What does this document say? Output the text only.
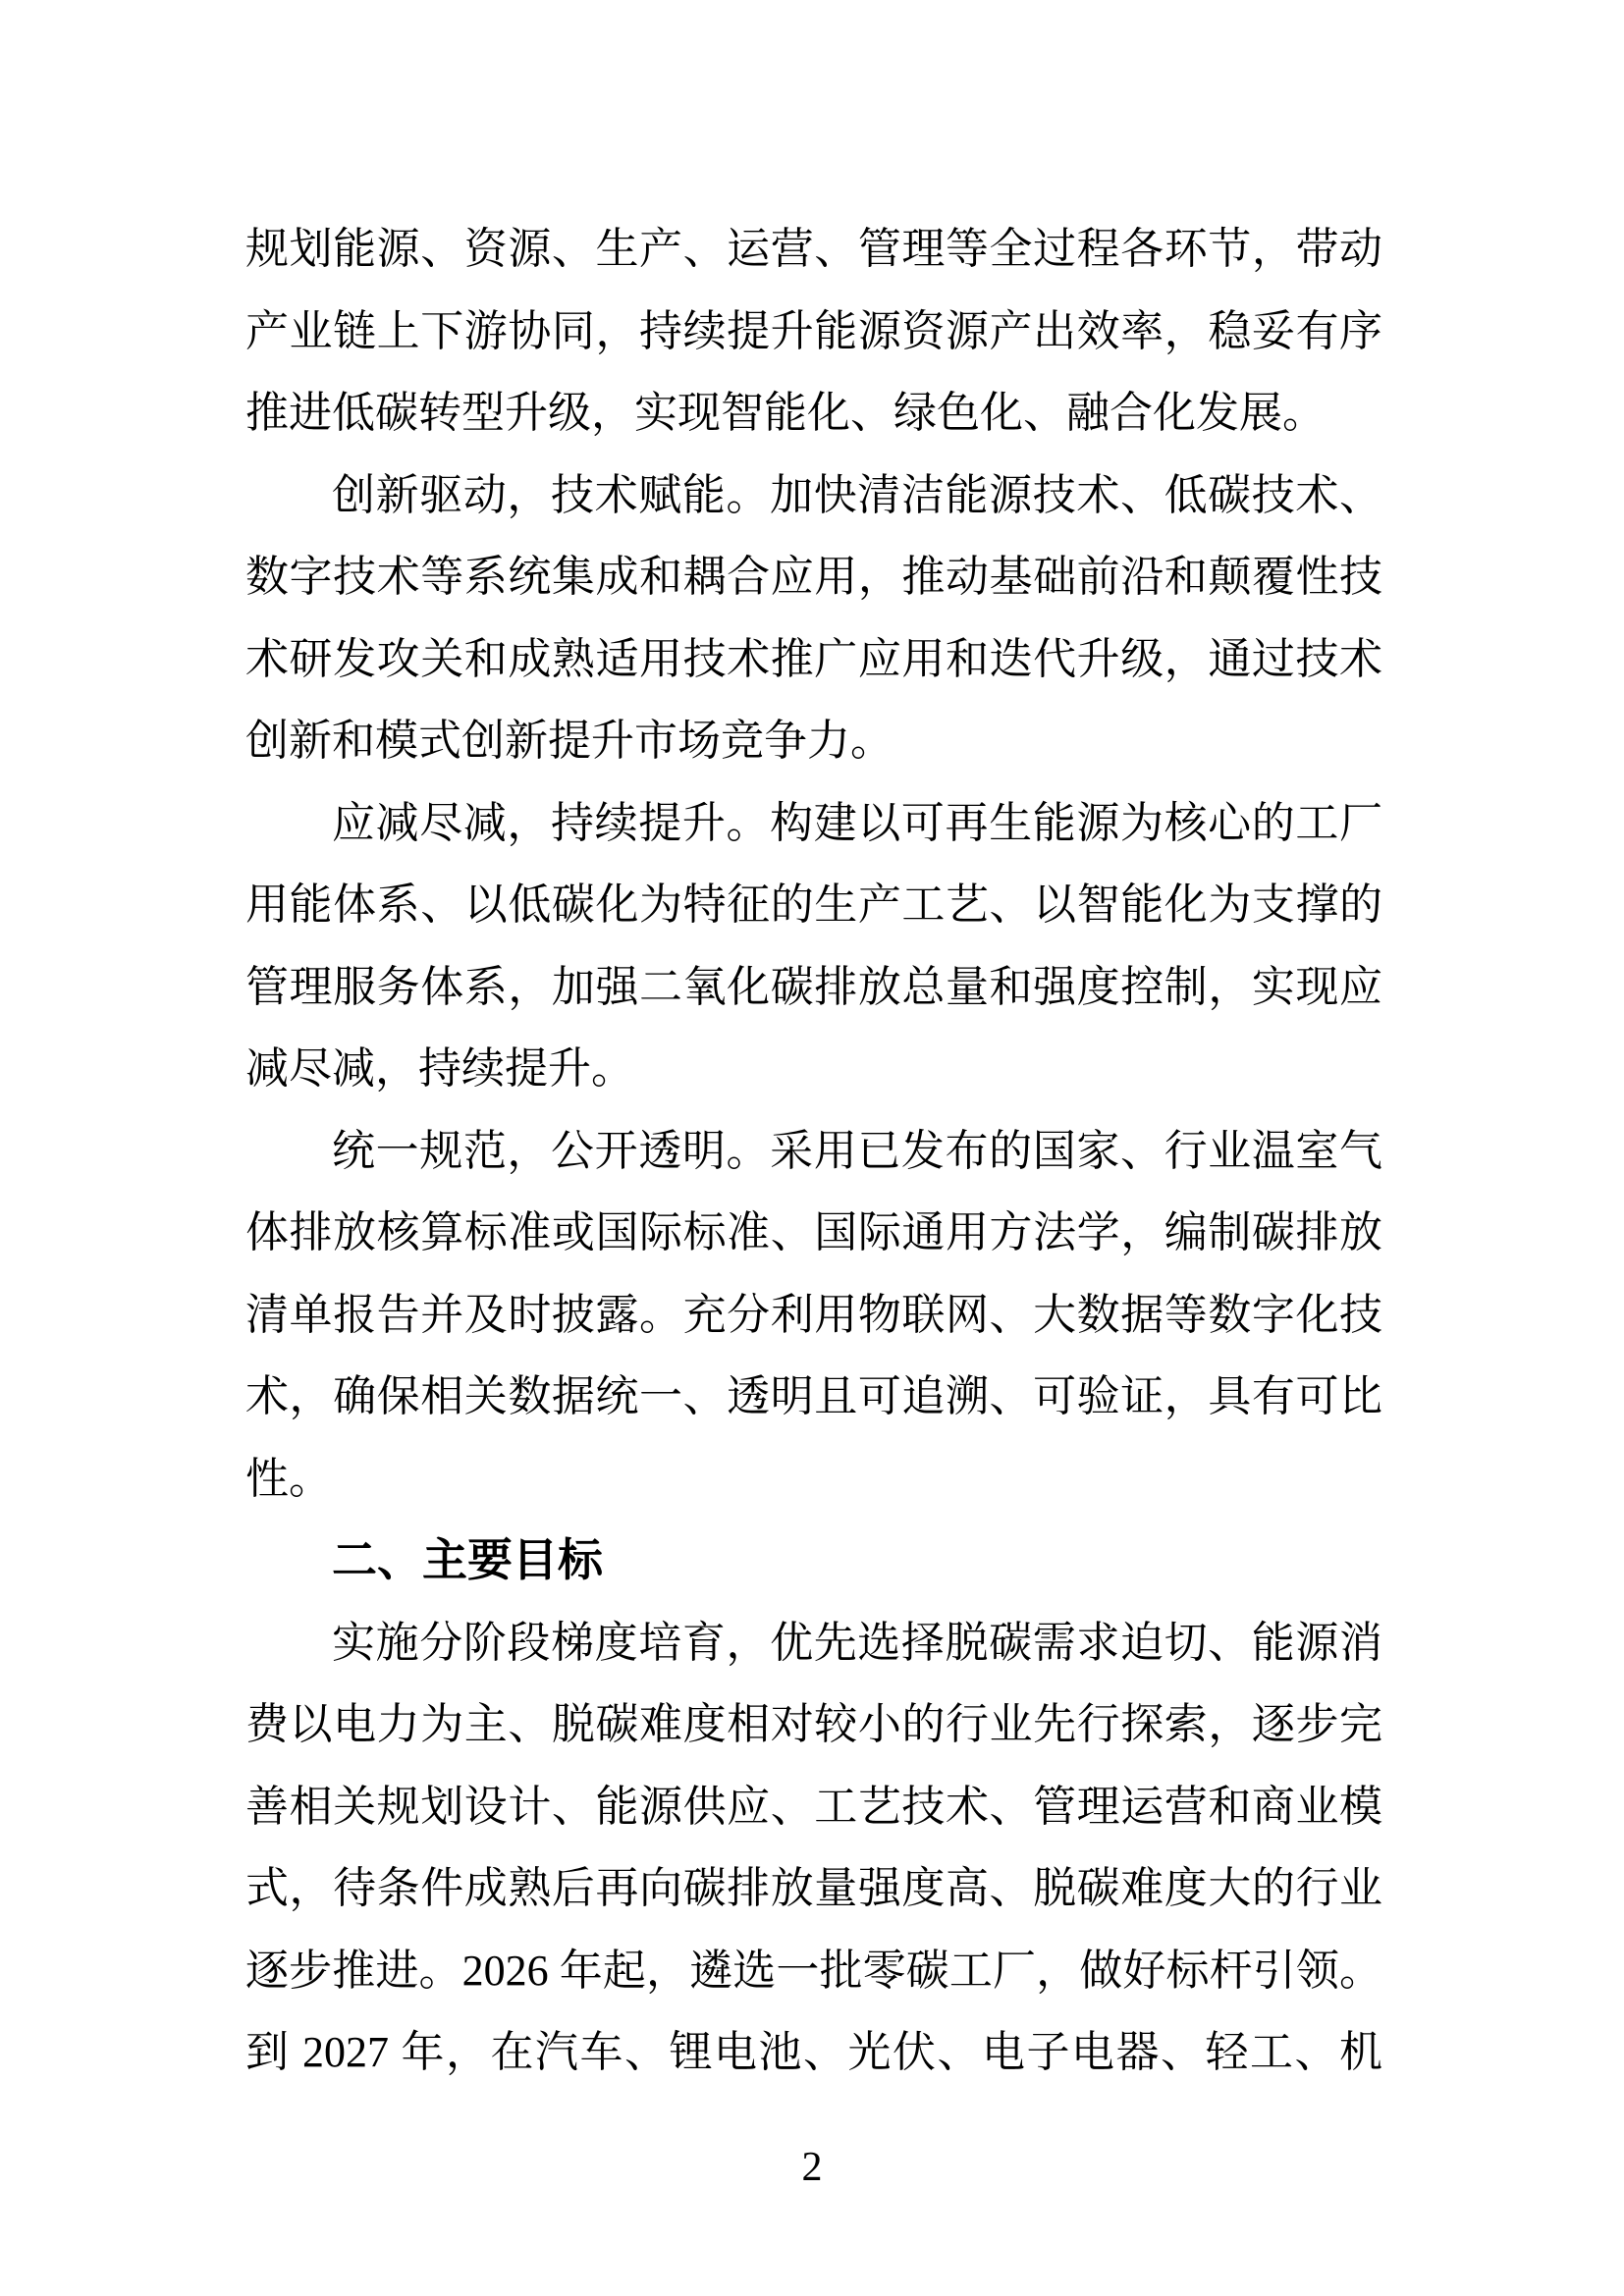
规划能源、资源、生产、运营、管理等全过程各环节，带动
产业链上下游协同，持续提升能源资源产出效率，稳妥有序
推进低碳转型升级，实现智能化、绿色化、融合化发展。
创新驱动，技术赋能。加快清洁能源技术、低碳技术、
数字技术等系统集成和耦合应用，推动基础前沿和颠覆性技
术研发攻关和成熟适用技术推广应用和迭代升级，通过技术
创新和模式创新提升市场竞争力。
应减尽减，持续提升。构建以可再生能源为核心的工厂
用能体系、以低碳化为特征的生产工艺、以智能化为支撑的
管理服务体系，加强二氧化碳排放总量和强度控制，实现应
减尽减，持续提升。
统一规范，公开透明。采用已发布的国家、行业温室气
体排放核算标准或国际标准、国际通用方法学，编制碳排放
清单报告并及时披露。充分利用物联网、大数据等数字化技
术，确保相关数据统一、透明且可追溯、可验证，具有可比
性。
二、主要目标
实施分阶段梯度培育，优先选择脱碳需求迫切、能源消
费以电力为主、脱碳难度相对较小的行业先行探索，逐步完
善相关规划设计、能源供应、工艺技术、管理运营和商业模
式，待条件成熟后再向碳排放量强度高、脱碳难度大的行业
逐步推进。2026 年起，遴选一批零碳工厂，做好标杆引领。
到 2027 年，在汽车、锂电池、光伏、电子电器、轻工、机
2
